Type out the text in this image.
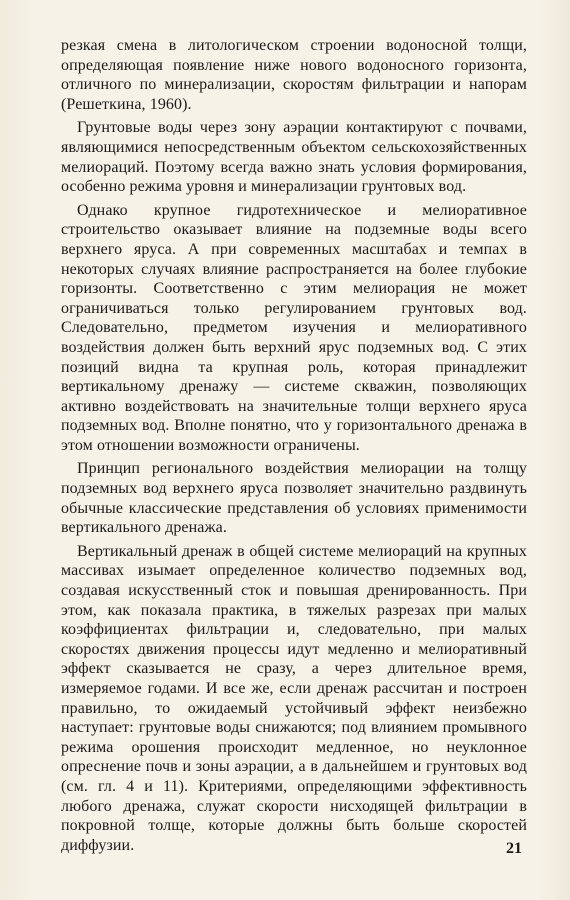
резкая смена в литологическом строении водоносной толщи, определяющая появление ниже нового водоносного горизонта, отличного по минерализации, скоростям фильтрации и напорам (Решеткина, 1960).

Грунтовые воды через зону аэрации контактируют с почвами, являющимися непосредственным объектом сельскохозяйственных мелиораций. Поэтому всегда важно знать условия формирования, особенно режима уровня и минерализации грунтовых вод.

Однако крупное гидротехническое и мелиоративное строительство оказывает влияние на подземные воды всего верхнего яруса. А при современных масштабах и темпах в некоторых случаях влияние распространяется на более глубокие горизонты. Соответственно с этим мелиорация не может ограничиваться только регулированием грунтовых вод. Следовательно, предметом изучения и мелиоративного воздействия должен быть верхний ярус подземных вод. С этих позиций видна та крупная роль, которая принадлежит вертикальному дренажу — системе скважин, позволяющих активно воздействовать на значительные толщи верхнего яруса подземных вод. Вполне понятно, что у горизонтального дренажа в этом отношении возможности ограничены.

Принцип регионального воздействия мелиорации на толщу подземных вод верхнего яруса позволяет значительно раздвинуть обычные классические представления об условиях применимости вертикального дренажа.

Вертикальный дренаж в общей системе мелиораций на крупных массивах изымает определенное количество подземных вод, создавая искусственный сток и повышая дренированность. При этом, как показала практика, в тяжелых разрезах при малых коэффициентах фильтрации и, следовательно, при малых скоростях движения процессы идут медленно и мелиоративный эффект сказывается не сразу, а через длительное время, измеряемое годами. И все же, если дренаж рассчитан и построен правильно, то ожидаемый устойчивый эффект неизбежно наступает: грунтовые воды снижаются; под влиянием промывного режима орошения происходит медленное, но неуклонное опреснение почв и зоны аэрации, а в дальнейшем и грунтовых вод (см. гл. 4 и 11). Критериями, определяющими эффективность любого дренажа, служат скорости нисходящей фильтрации в покровной толще, которые должны быть больше скоростей диффузии.	21
